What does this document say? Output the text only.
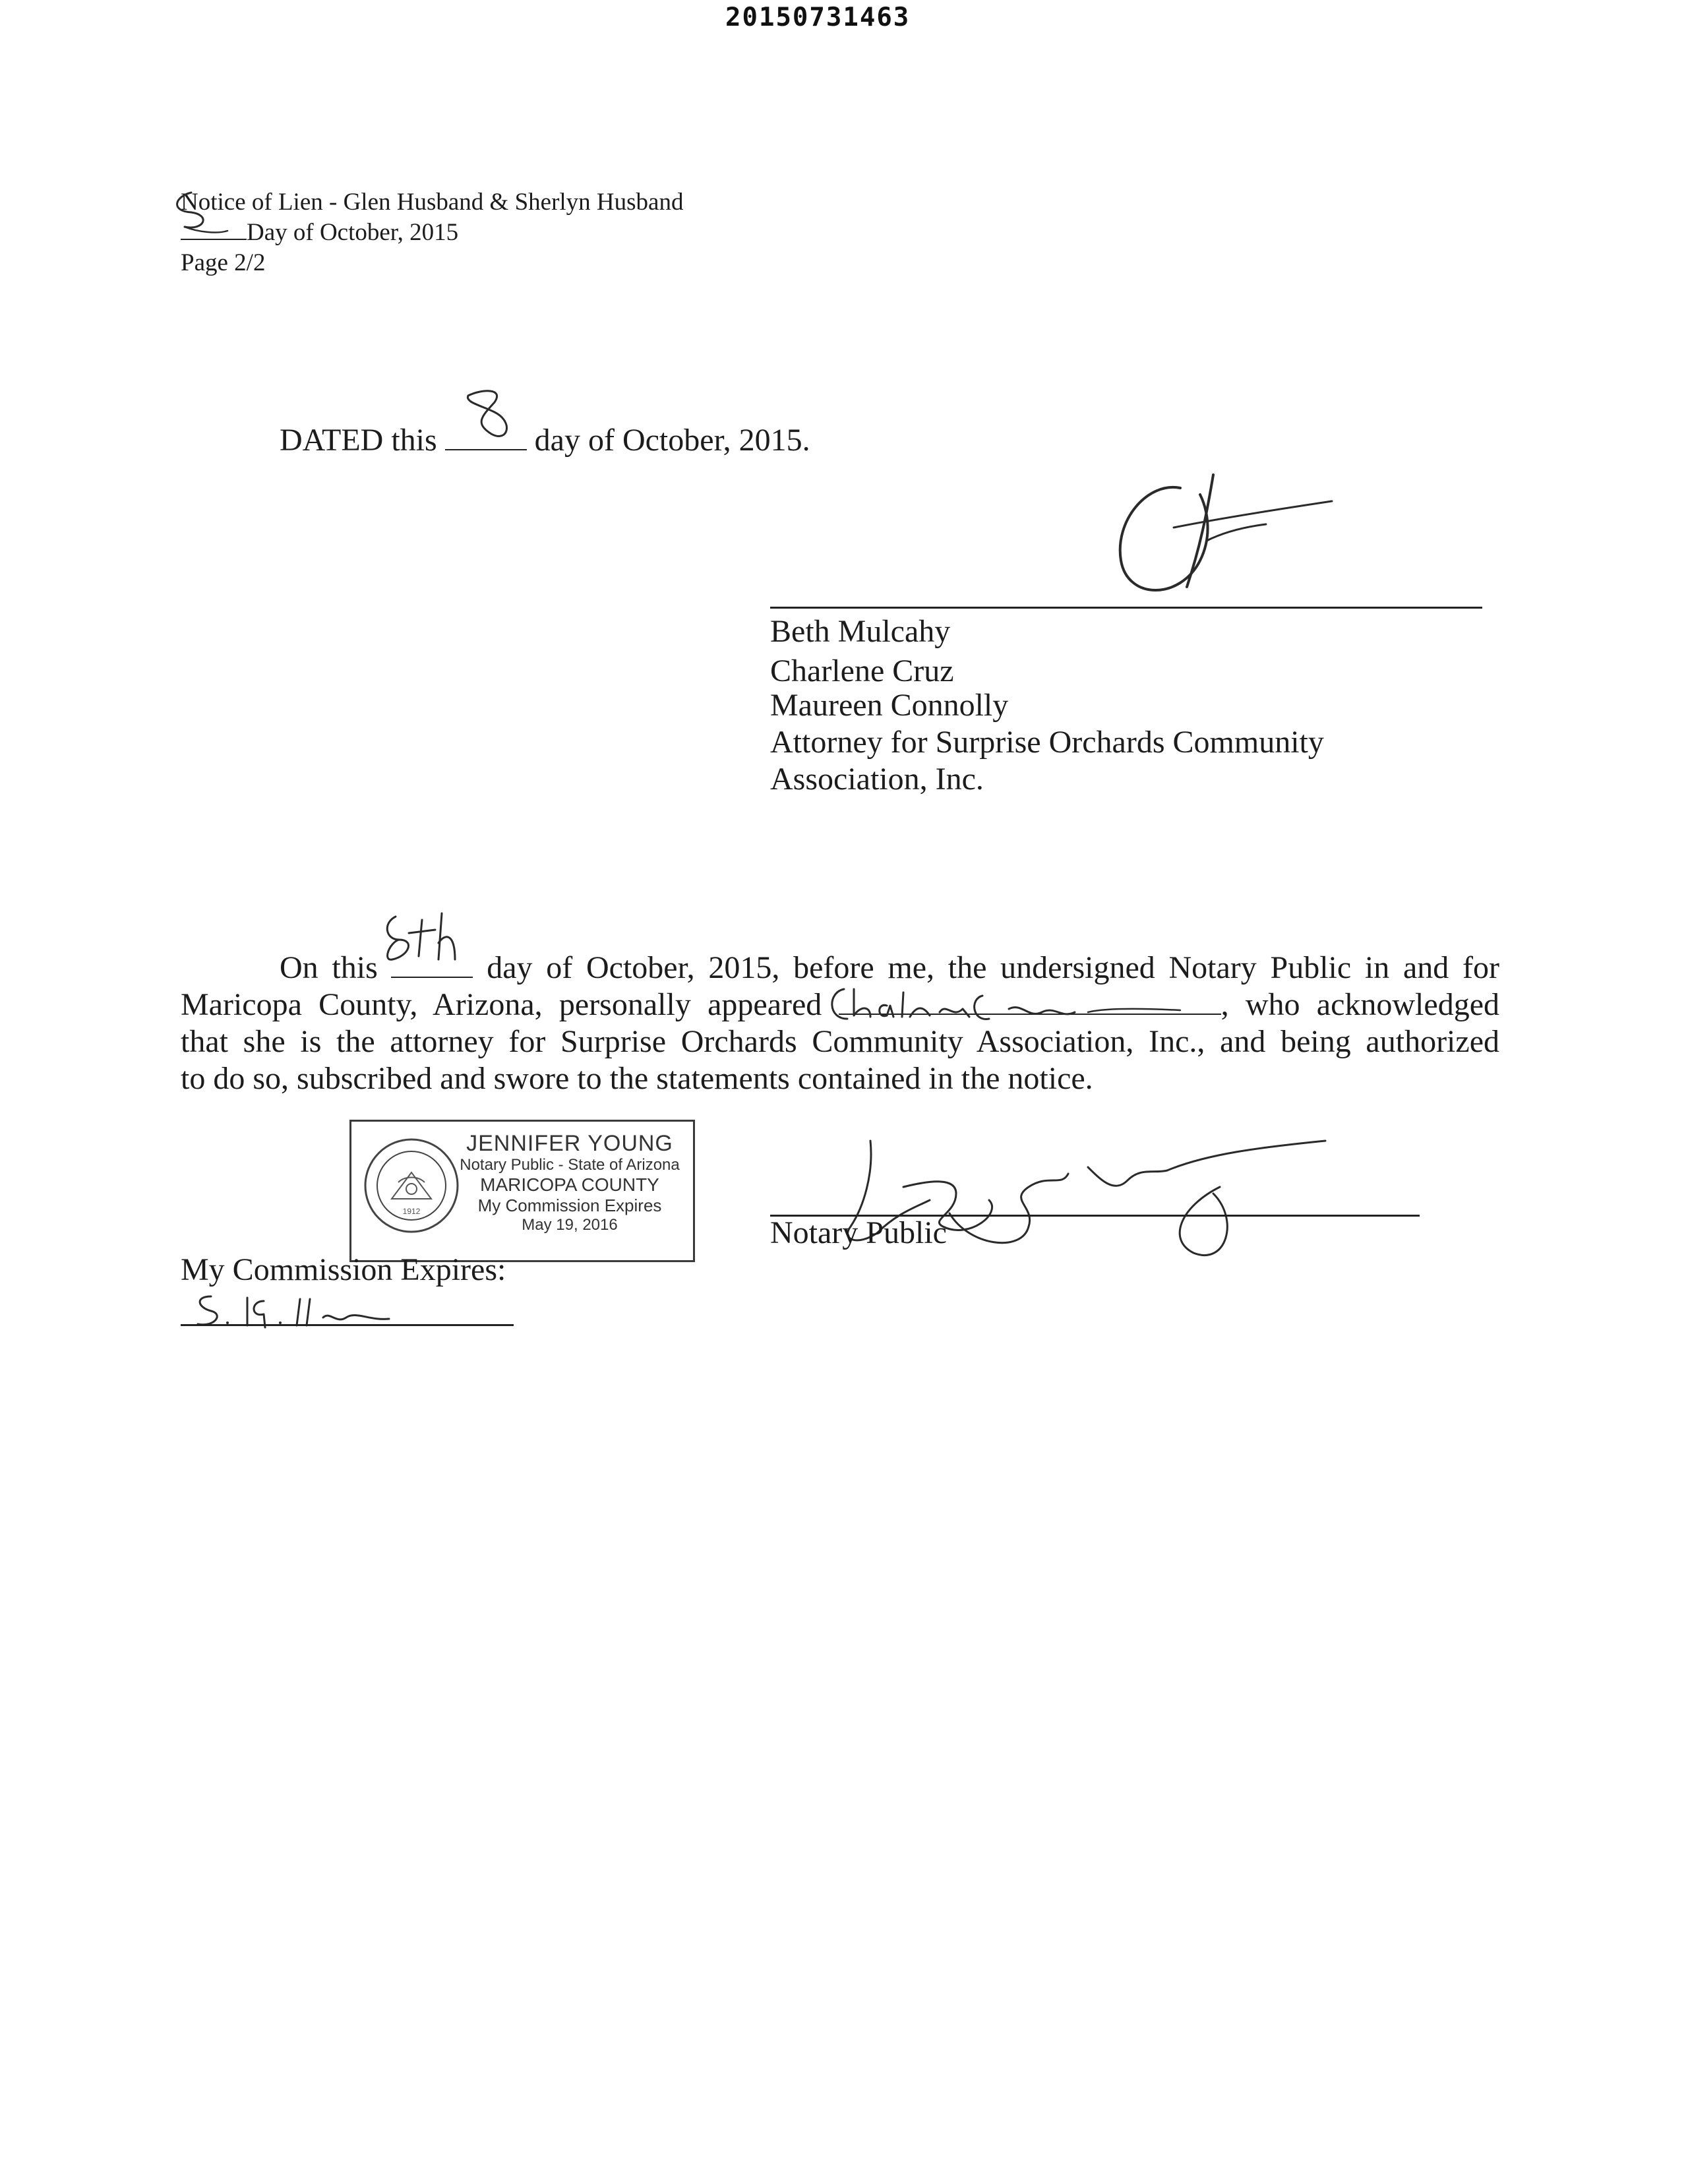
20150731463
Notice of Lien - Glen Husband & Sherlyn Husband
Day of October, 2015
Page 2/2
DATED this	day of October, 2015.
Beth Mulcahy
Charlene Cruz
Maureen Connolly
Attorney for Surprise Orchards Community
Association, Inc.
On this	day of October, 2015, before me, the undersigned Notary Public in and for
Maricopa County, Arizona, personally appeared	, who acknowledged
that she is the attorney for Surprise Orchards Community Association, Inc., and being authorized
to do so, subscribed and swore to the statements contained in the notice.
1912
JENNIFER YOUNG
Notary Public - State of Arizona
MARICOPA COUNTY
My Commission Expires
May 19, 2016	Notary Public
My Commission Expires:
